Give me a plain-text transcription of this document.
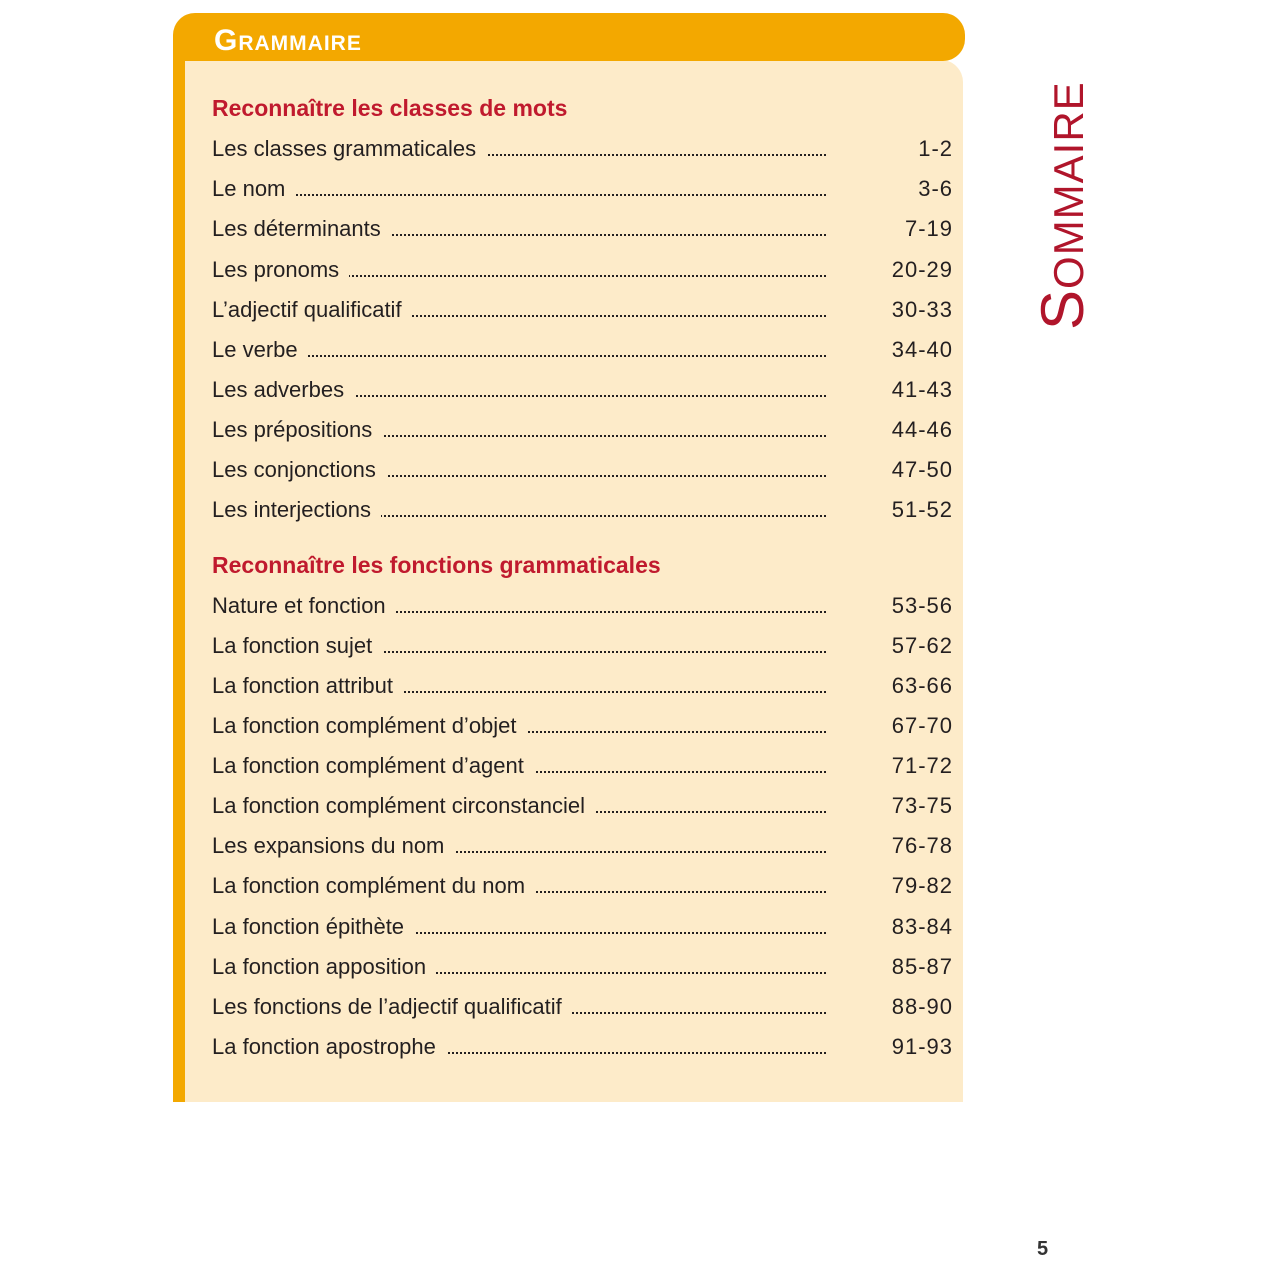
Grammaire
Reconnaître les classes de mots
Les classes grammaticales	1-2
Le nom	3-6
Les déterminants	7-19
Les pronoms	20-29
L’adjectif qualificatif	30-33
Le verbe	34-40
Les adverbes	41-43
Les prépositions	44-46
Les conjonctions	47-50
Les interjections	51-52
Reconnaître les fonctions grammaticales
Nature et fonction	53-56
La fonction sujet	57-62
La fonction attribut	63-66
La fonction complément d’objet	67-70
La fonction complément d’agent	71-72
La fonction complément circonstanciel	73-75
Les expansions du nom	76-78
La fonction complément du nom	79-82
La fonction épithète	83-84
La fonction apposition	85-87
Les fonctions de l’adjectif qualificatif	88-90
La fonction apostrophe	91-93
Sommaire
5
